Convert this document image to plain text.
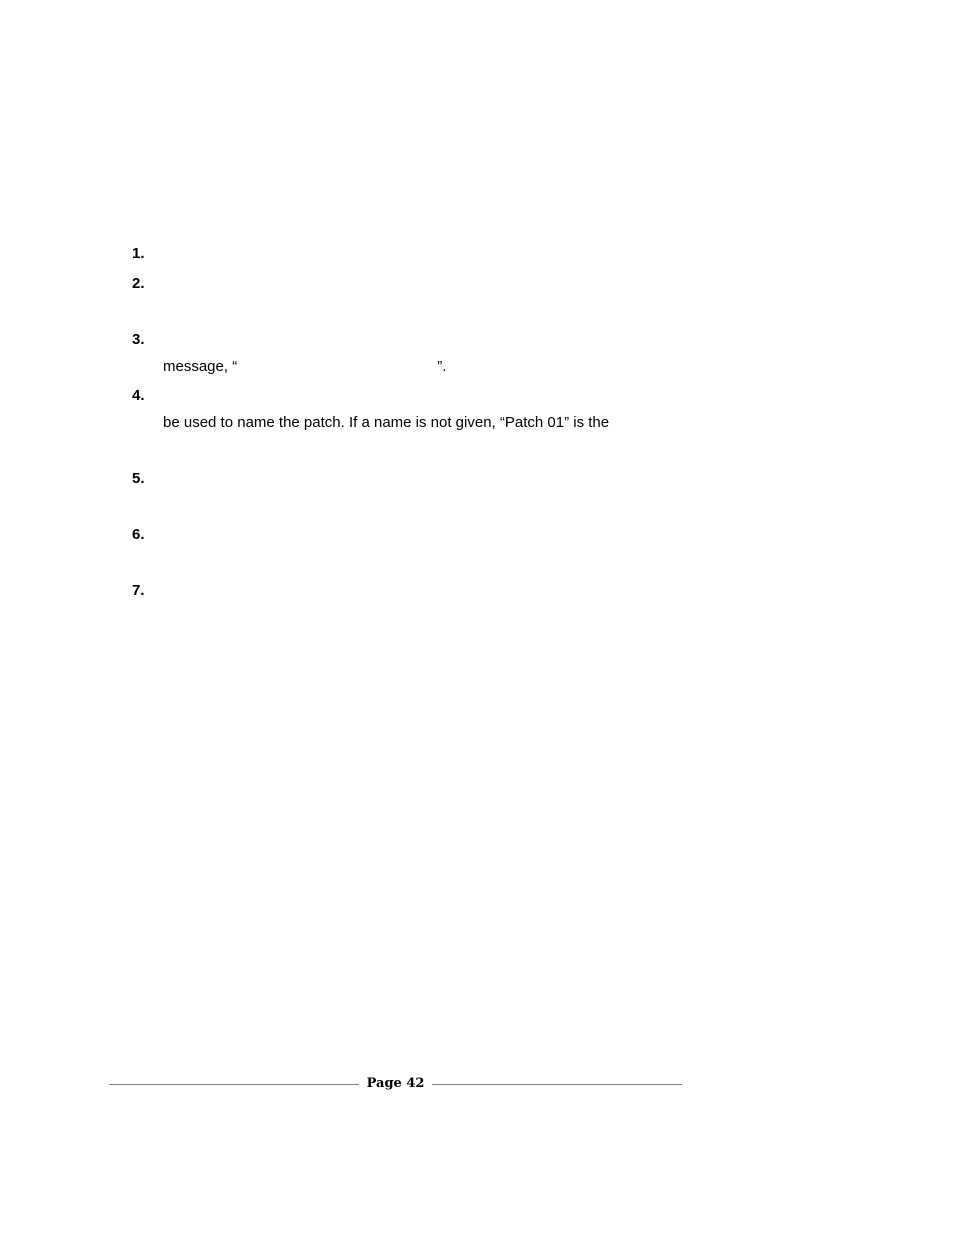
1.
2.
3.
message, “	”.
4.
be used to name the patch. If a name is not given, “Patch 01” is the
5.
6.
7.
Page 42
